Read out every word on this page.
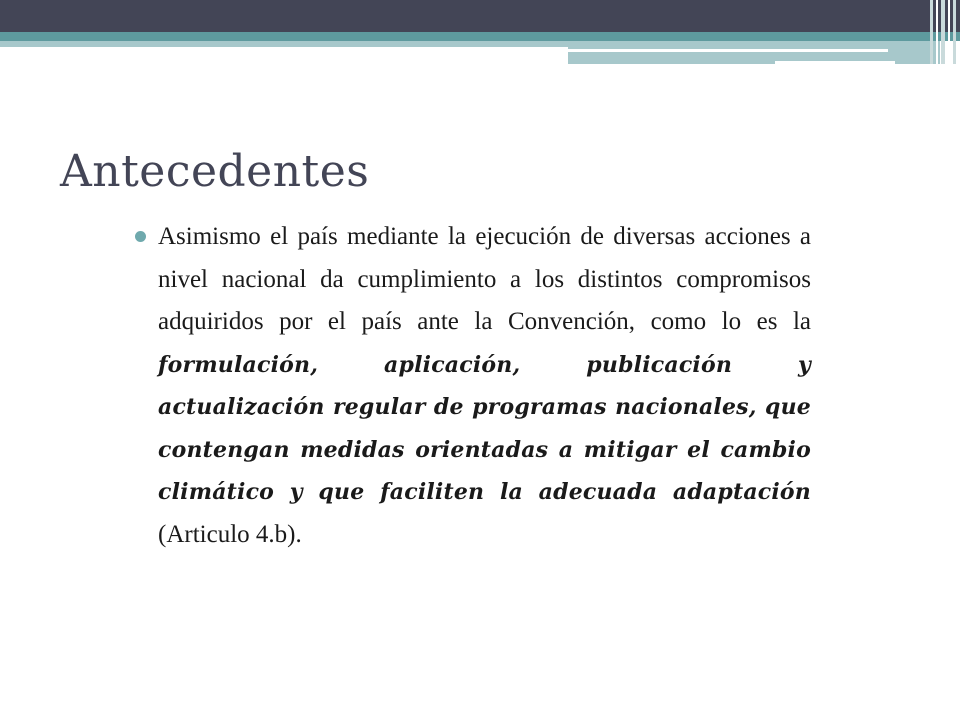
Antecedentes

Asimismo el país mediante la ejecución de diversas acciones a nivel nacional da cumplimiento a los distintos compromisos adquiridos por el país ante la Convención, como lo es la formulación, aplicación, publicación y actualización regular de programas nacionales, que contengan medidas orientadas a mitigar el cambio climático y que faciliten la adecuada adaptación (Articulo 4.b).
